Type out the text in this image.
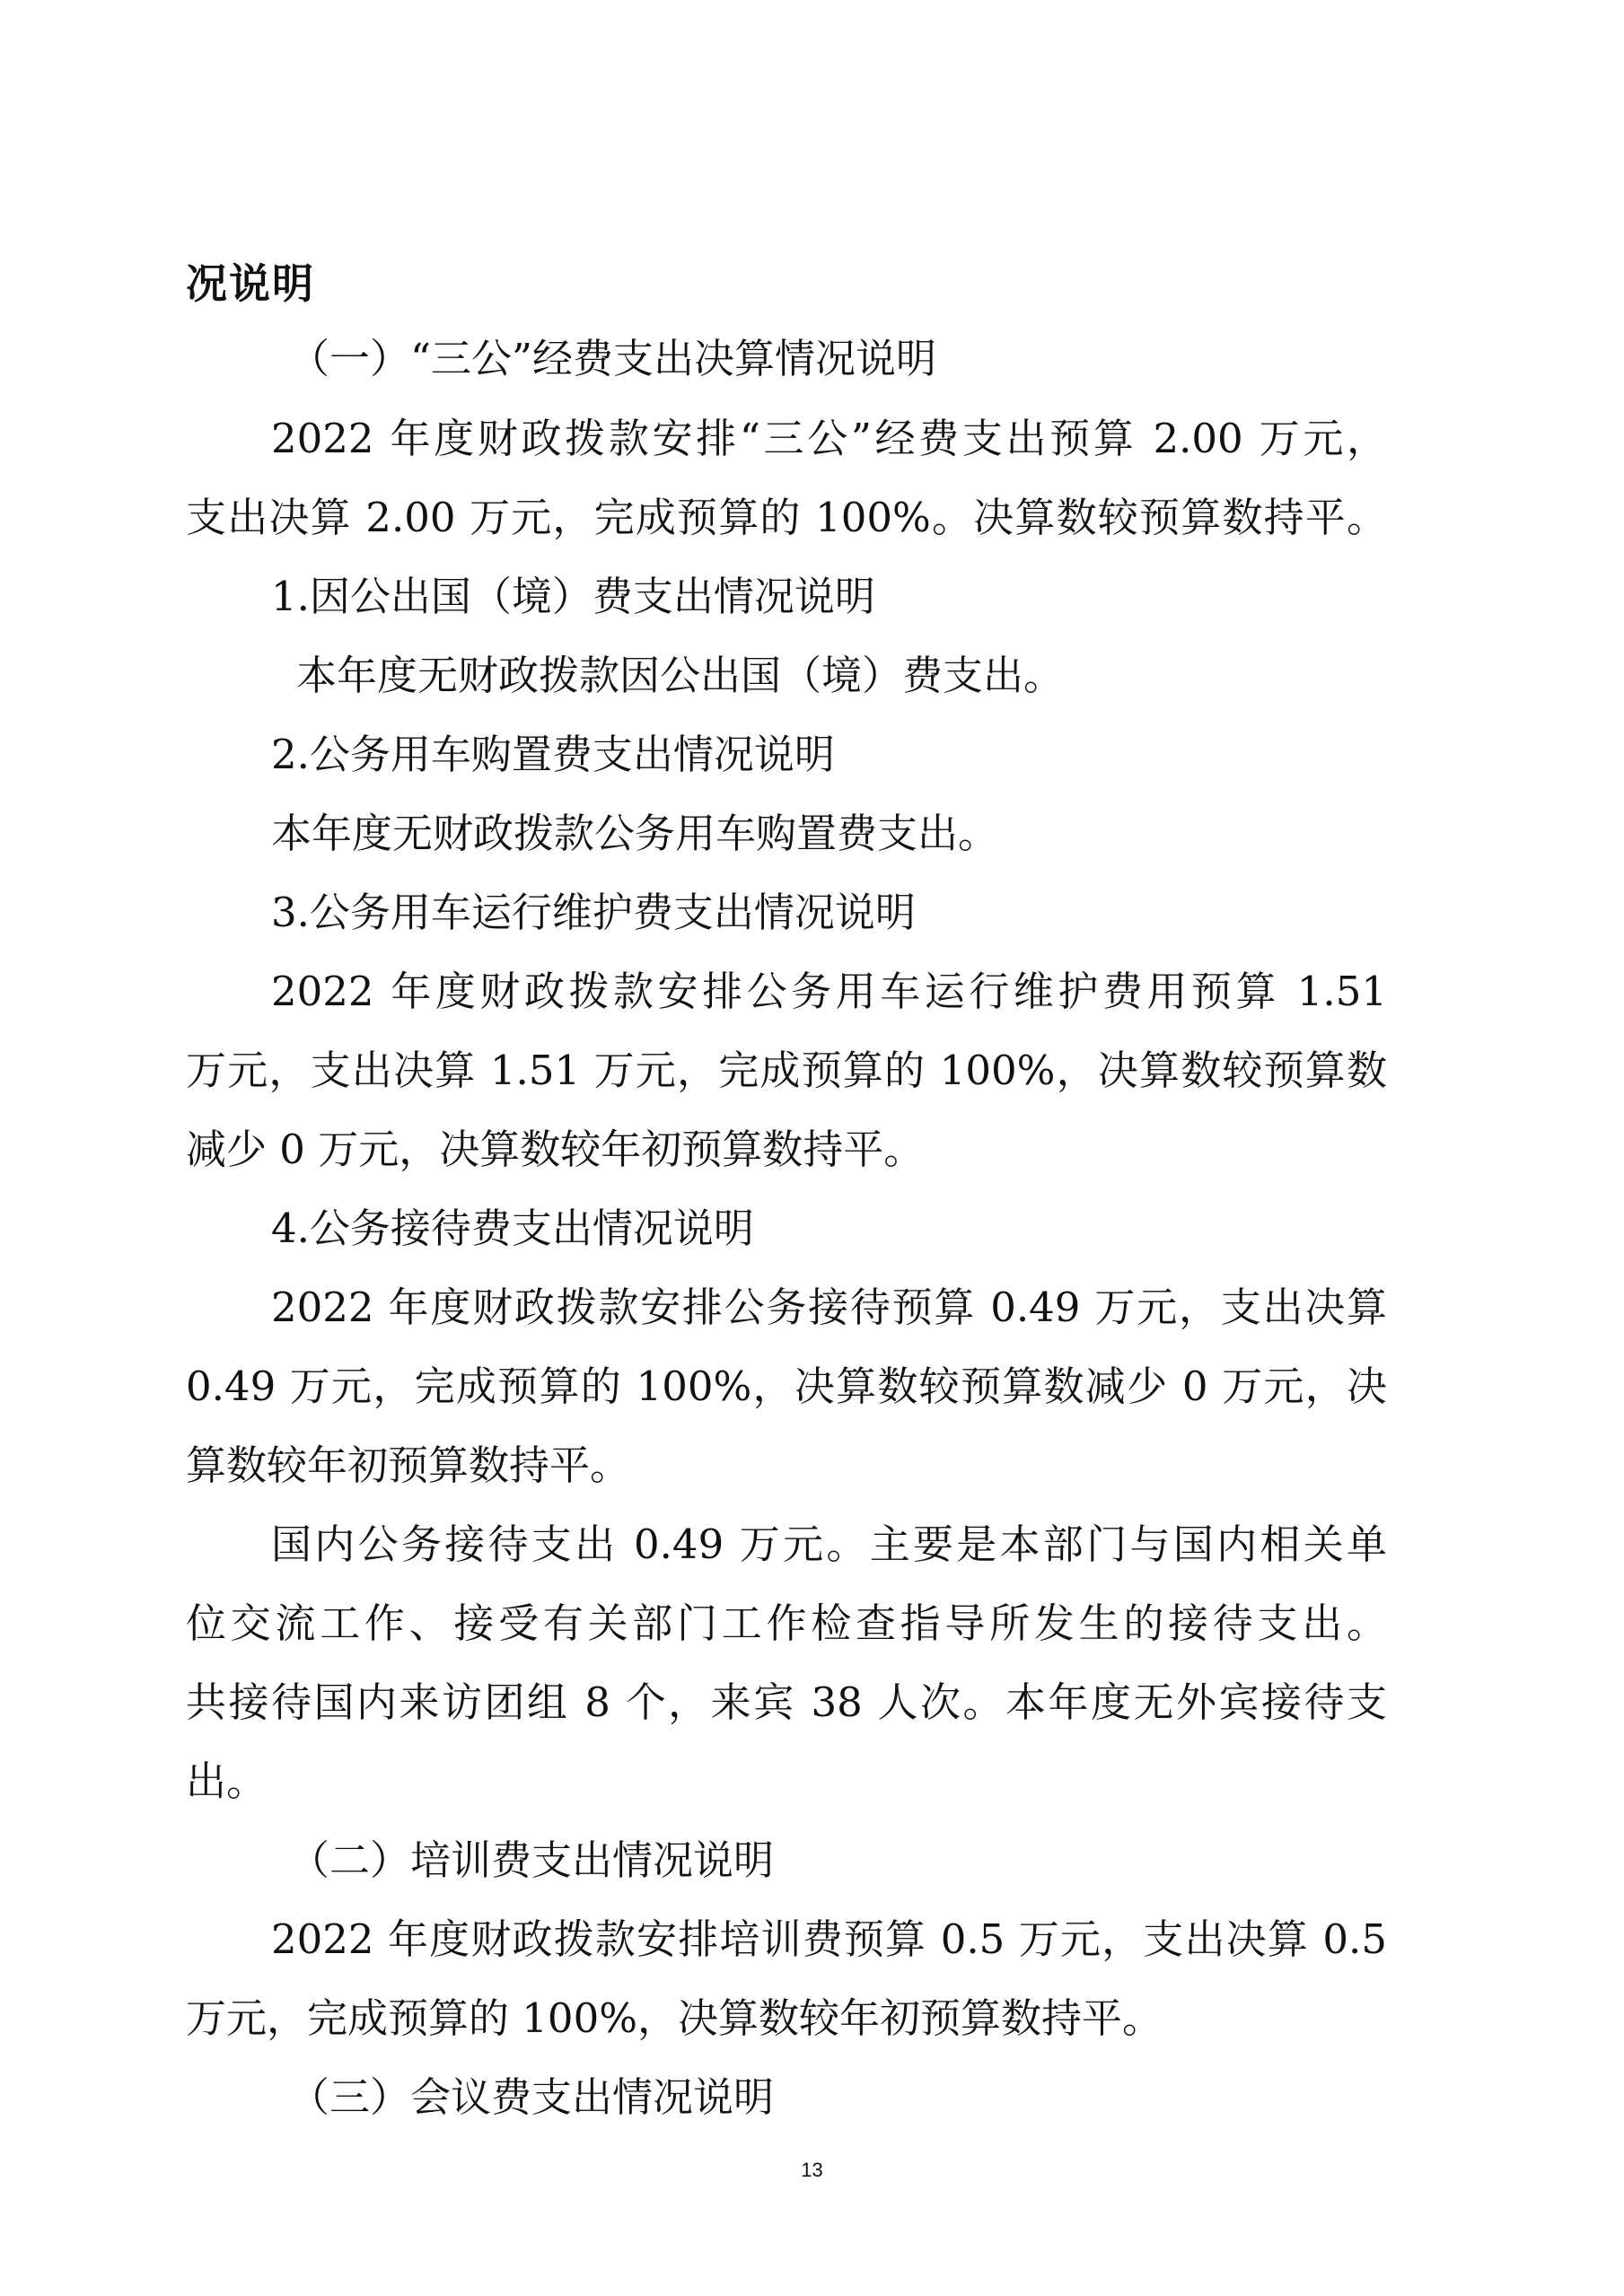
况说明
（一）“三公”经费支出决算情况说明
2022 年度财政拨款安排“三公”经费支出预算 2.00 万元，
支出决算 2.00 万元，完成预算的 100%。决算数较预算数持平。
1.因公出国（境）费支出情况说明
本年度无财政拨款因公出国（境）费支出。
2.公务用车购置费支出情况说明
本年度无财政拨款公务用车购置费支出。
3.公务用车运行维护费支出情况说明
2022 年度财政拨款安排公务用车运行维护费用预算 1.51
万元，支出决算 1.51 万元，完成预算的 100%，决算数较预算数
减少 0 万元，决算数较年初预算数持平。
4.公务接待费支出情况说明
2022 年度财政拨款安排公务接待预算 0.49 万元，支出决算
0.49 万元，完成预算的 100%，决算数较预算数减少 0 万元，决
算数较年初预算数持平。
国内公务接待支出 0.49 万元。主要是本部门与国内相关单
位交流工作、接受有关部门工作检查指导所发生的接待支出。
共接待国内来访团组 8 个，来宾 38 人次。本年度无外宾接待支
出。
（二）培训费支出情况说明
2022 年度财政拨款安排培训费预算 0.5 万元，支出决算 0.5
万元，完成预算的 100%，决算数较年初预算数持平。
（三）会议费支出情况说明
13
